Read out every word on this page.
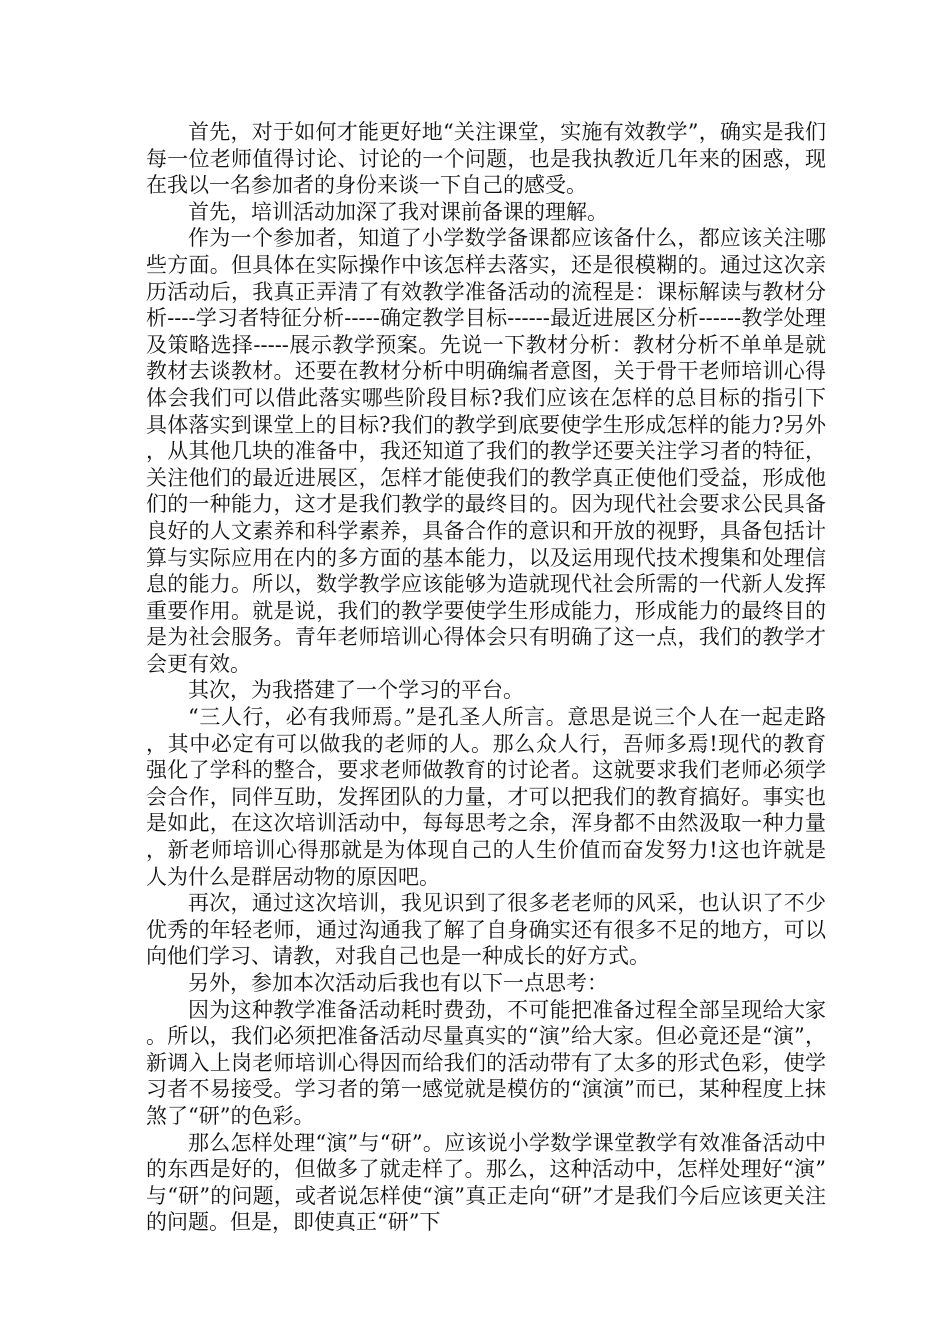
首先，对于如何才能更好地“关注课堂，实施有效教学”，确实是我们每一位老师值得讨论、讨论的一个问题，也是我执教近几年来的困惑，现在我以一名参加者的身份来谈一下自己的感受。

首先，培训活动加深了我对课前备课的理解。

作为一个参加者，知道了小学数学备课都应该备什么，都应该关注哪些方面。但具体在实际操作中该怎样去落实，还是很模糊的。通过这次亲历活动后，我真正弄清了有效教学准备活动的流程是：课标解读与教材分析----学习者特征分析-----确定教学目标------最近进展区分析------教学处理及策略选择-----展示教学预案。先说一下教材分析：教材分析不单单是就教材去谈教材。还要在教材分析中明确编者意图，关于骨干老师培训心得体会我们可以借此落实哪些阶段目标?我们应该在怎样的总目标的指引下具体落实到课堂上的目标?我们的教学到底要使学生形成怎样的能力?另外，从其他几块的准备中，我还知道了我们的教学还要关注学习者的特征，关注他们的最近进展区，怎样才能使我们的教学真正使他们受益，形成他们的一种能力，这才是我们教学的最终目的。因为现代社会要求公民具备良好的人文素养和科学素养，具备合作的意识和开放的视野，具备包括计算与实际应用在内的多方面的基本能力，以及运用现代技术搜集和处理信息的能力。所以，数学教学应该能够为造就现代社会所需的一代新人发挥重要作用。就是说，我们的教学要使学生形成能力，形成能力的最终目的是为社会服务。青年老师培训心得体会只有明确了这一点，我们的教学才会更有效。

其次，为我搭建了一个学习的平台。

“三人行，必有我师焉。”是孔圣人所言。意思是说三个人在一起走路，其中必定有可以做我的老师的人。那么众人行，吾师多焉!现代的教育强化了学科的整合，要求老师做教育的讨论者。这就要求我们老师必须学会合作，同伴互助，发挥团队的力量，才可以把我们的教育搞好。事实也是如此，在这次培训活动中，每每思考之余，浑身都不由然汲取一种力量，新老师培训心得那就是为体现自己的人生价值而奋发努力!这也许就是人为什么是群居动物的原因吧。

再次，通过这次培训，我见识到了很多老老师的风采，也认识了不少优秀的年轻老师，通过沟通我了解了自身确实还有很多不足的地方，可以向他们学习、请教，对我自己也是一种成长的好方式。

另外，参加本次活动后我也有以下一点思考：

因为这种教学准备活动耗时费劲，不可能把准备过程全部呈现给大家。所以，我们必须把准备活动尽量真实的“演”给大家。但必竟还是“演”，新调入上岗老师培训心得因而给我们的活动带有了太多的形式色彩，使学习者不易接受。学习者的第一感觉就是模仿的“演演”而已，某种程度上抹煞了“研”的色彩。

那么怎样处理“演”与“研”。应该说小学数学课堂教学有效准备活动中的东西是好的，但做多了就走样了。那么，这种活动中，怎样处理好“演”与“研”的问题，或者说怎样使“演”真正走向“研”才是我们今后应该更关注的问题。但是，即使真正“研”下
